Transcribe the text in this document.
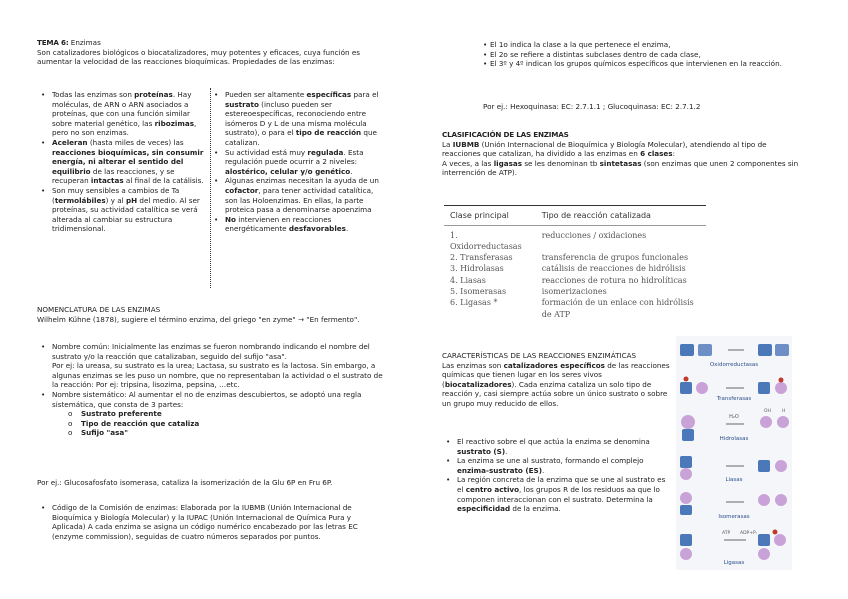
TEMA 6: Enzimas
Son catalizadores biológicos o biocatalizadores, muy potentes y eficaces, cuya función es aumentar la velocidad de las reacciones bioquímicas. Propiedades de las enzimas:
• Todas las enzimas son proteínas. Hay moléculas, de ARN o ARN asociados a proteínas, que con una función similar sobre material genético, las ribozimas, pero no son enzimas.
• Aceleran (hasta miles de veces) las reacciones bioquímicas, sin consumir energía, ni alterar el sentido del equilibrio de las reacciones, y se recuperan intactas al final de la catálisis.
• Son muy sensibles a cambios de Ta (termolábiles) y al pH del medio. Al ser proteínas, su actividad catalítica se verá alterada al cambiar su estructura tridimensional.
• Pueden ser altamente específicas para el sustrato (incluso pueden ser estereoespecíficas, reconociendo entre isómeros D y L de una misma molécula sustrato), o para el tipo de reacción que catalizan.
• Su actividad está muy regulada. Esta regulación puede ocurrir a 2 niveles: alostérico, celular y/o genético.
• Algunas enzimas necesitan la ayuda de un cofactor, para tener actividad catalítica, son las Holoenzimas. En ellas, la parte proteica pasa a denominarse apoenzima
• No intervienen en reacciones energéticamente desfavorables.
NOMENCLATURA DE LAS ENZIMAS
Wilhelm Kühne (1878), sugiere el término enzima, del griego "en zyme" → "En fermento".
• Nombre común: Inicialmente las enzimas se fueron nombrando indicando el nombre del sustrato y/o la reacción que catalizaban, seguido del sufijo "asa".
Por ej: la ureasa, su sustrato es la urea; Lactasa, su sustrato es la lactosa. Sin embargo, a algunas enzimas se les puso un nombre, que no representaban la actividad o el sustrato de la reacción: Por ej: tripsina, lisozima, pepsina, …etc.
• Nombre sistemático: Al aumentar el no de enzimas descubiertos, se adoptó una regla sistemática, que consta de 3 partes:
o Sustrato preferente
o Tipo de reacción que cataliza
o Sufijo "asa"
Por ej.: Glucosafosfato isomerasa, cataliza la isomerización de la Glu 6P en Fru 6P.
• Código de la Comisión de enzimas: Elaborada por la IUBMB (Unión Internacional de Bioquímica y Biología Molecular) y la IUPAC (Unión Internacional de Química Pura y Aplicada) A cada enzima se asigna un código numérico encabezado por las letras EC (enzyme commission), seguidas de cuatro números separados por puntos.
• El 1o indica la clase a la que pertenece el enzima,
• El 2o se refiere a distintas subclases dentro de cada clase,
• El 3º y 4º indican los grupos químicos específicos que intervienen en la reacción.
Por ej.: Hexoquinasa: EC: 2.7.1.1 ; Glucoquinasa: EC: 2.7.1.2
CLASIFICACIÓN DE LAS ENZIMAS
La IUBMB (Unión Internacional de Bioquímica y Biología Molecular), atendiendo al tipo de reacciones que catalizan, ha dividido a las enzimas en 6 clases:
A veces, a las ligasas se les denominan tb sintetasas (son enzimas que unen 2 componentes sin interrención de ATP).
Clase principal	Tipo de reacción catalizada
1. Oxidorreductasas	reducciones / oxidaciones
2. Transferasas	transferencia de grupos funcionales
3. Hidrolasas	catálisis de reacciones de hidrólisis
4. Liasas	reacciones de rotura no hidrolíticas
5. Isomerasas	isomerizaciones
6. Ligasas *	formación de un enlace con hidrólisis de ATP
CARACTERÍSTICAS DE LAS REACCIONES ENZIMÁTICAS
Las enzimas son catalizadores específicos de las reacciones químicas que tienen lugar en los seres vivos (biocatalizadores). Cada enzima cataliza un solo tipo de reacción y, casi siempre actúa sobre un único sustrato o sobre un grupo muy reducido de ellos.
• El reactivo sobre el que actúa la enzima se denomina sustrato (S).
• La enzima se une al sustrato, formando el complejo enzima-sustrato (ES).
• La región concreta de la enzima que se une al sustrato es el centro activo, los grupos R de los residuos aa que lo componen interaccionan con el sustrato. Determina la especificidad de la enzima.
Oxidorreductasas
Transferasas
OH H
H₂O
Hidrolasas
Liasas
Isomerasas
ATP ADP+Pᵢ
Ligasas
